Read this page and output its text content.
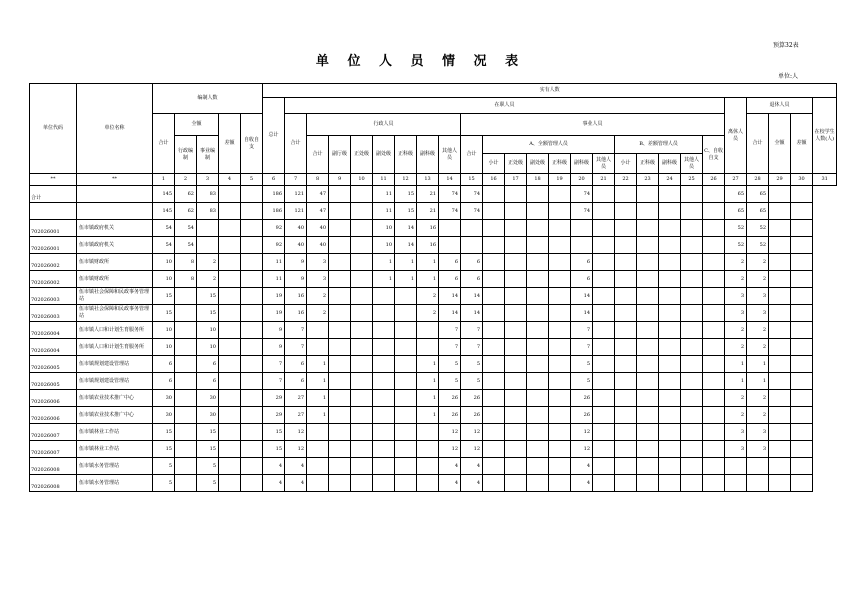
预算32表
单 位 人 员 情 况 表
单位:人
单位代码	单位名称	编制人数					实有人数																									
							总计	在职人员																				离休人员	退休人员			在校学生人数(人)
		合计	全额		差额	自收自支		合计	行政人员							事业人员													合计	全额	差额	
			行政编制	事业编制					合计	副厅级	正处级	副处级	正科级	副科级	其他人员	合计	A、全额管理人员						B、差额管理人员				C、自收自支					
																	小计	正处级	副处级	正科级	副科级	其他人员	小计	正科级	副科级	其他人员						
**	**	1	2	3	4	5	6	7	8	9	10	11	12	13	14	15	16	17	18	19	20	21	22	23	24	25	26	27	28	29	30	31
合计		145	62	83			186	121	47			11	15	21	74	74					74							65	65			
		145	62	83			186	121	47			11	15	21	74	74					74							65	65			
702026001	伍市镇政府机关	54	54				92	40	40			10	14	16														52	52			
702026001	伍市镇政府机关	54	54				92	40	40			10	14	16														52	52			
702026002	伍市镇财政所	10	8	2			11	9	3			1	1	1	6	6					6							2	2			
702026002	伍市镇财政所	10	8	2			11	9	3			1	1	1	6	6					6							2	2			
702026003	伍市镇社会保障和民政事务管理站	15		15			19	16	2					2	14	14					14							3	3			
702026003	伍市镇社会保障和民政事务管理站	15		15			19	16	2					2	14	14					14							3	3			
702026004	伍市镇人口和计划生育服务所	10		10			9	7							7	7					7							2	2			
702026004	伍市镇人口和计划生育服务所	10		10			9	7							7	7					7							2	2			
702026005	伍市镇规划建设管理站	6		6			7	6	1					1	5	5					5							1	1			
702026005	伍市镇规划建设管理站	6		6			7	6	1					1	5	5					5							1	1			
702026006	伍市镇农业技术推广中心	30		30			29	27	1					1	26	26					26							2	2			
702026006	伍市镇农业技术推广中心	30		30			29	27	1					1	26	26					26							2	2			
702026007	伍市镇林业工作站	15		15			15	12							12	12					12							3	3			
702026007	伍市镇林业工作站	15		15			15	12							12	12					12							3	3			
702026008	伍市镇水务管理站	5		5			4	4							4	4					4											
702026008	伍市镇水务管理站	5		5			4	4							4	4					4											
